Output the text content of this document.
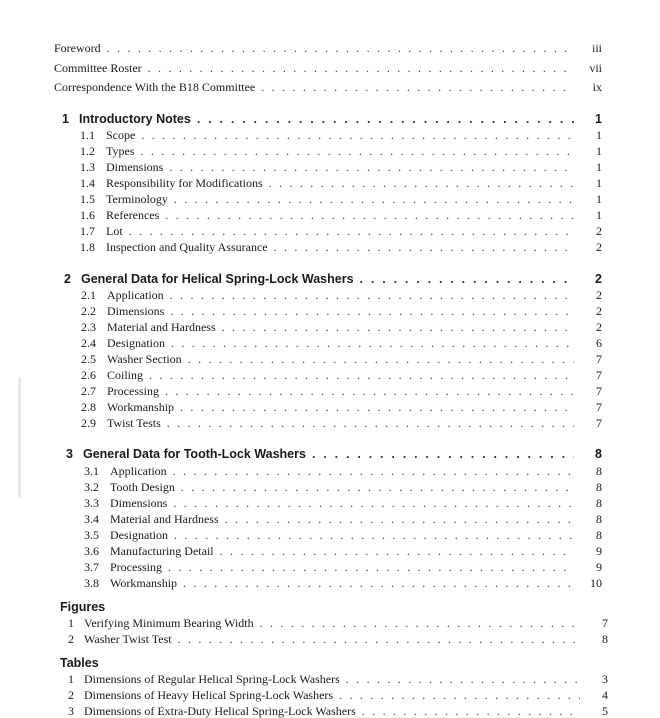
Foreword . . .	iii
Committee Roster . . .	vii
Correspondence With the B18 Committee . . .	ix
1 Introductory Notes . . .	1
1.1 Scope . . .	1
1.2 Types . . .	1
1.3 Dimensions . . .	1
1.4 Responsibility for Modifications . . .	1
1.5 Terminology . . .	1
1.6 References . . .	1
1.7 Lot . . .	2
1.8 Inspection and Quality Assurance . . .	2
2 General Data for Helical Spring-Lock Washers . . .	2
2.1 Application . . .	2
2.2 Dimensions . . .	2
2.3 Material and Hardness . . .	2
2.4 Designation . . .	6
2.5 Washer Section . . .	7
2.6 Coiling . . .	7
2.7 Processing . . .	7
2.8 Workmanship . . .	7
2.9 Twist Tests . . .	7
3 General Data for Tooth-Lock Washers . . .	8
3.1 Application . . .	8
3.2 Tooth Design . . .	8
3.3 Dimensions . . .	8
3.4 Material and Hardness . . .	8
3.5 Designation . . .	8
3.6 Manufacturing Detail . . .	9
3.7 Processing . . .	9
3.8 Workmanship . . .	10
Figures
1 Verifying Minimum Bearing Width . . .	7
2 Washer Twist Test . . .	8
Tables
1 Dimensions of Regular Helical Spring-Lock Washers . . .	3
2 Dimensions of Heavy Helical Spring-Lock Washers . . .	4
3 Dimensions of Extra-Duty Helical Spring-Lock Washers . . .	5
